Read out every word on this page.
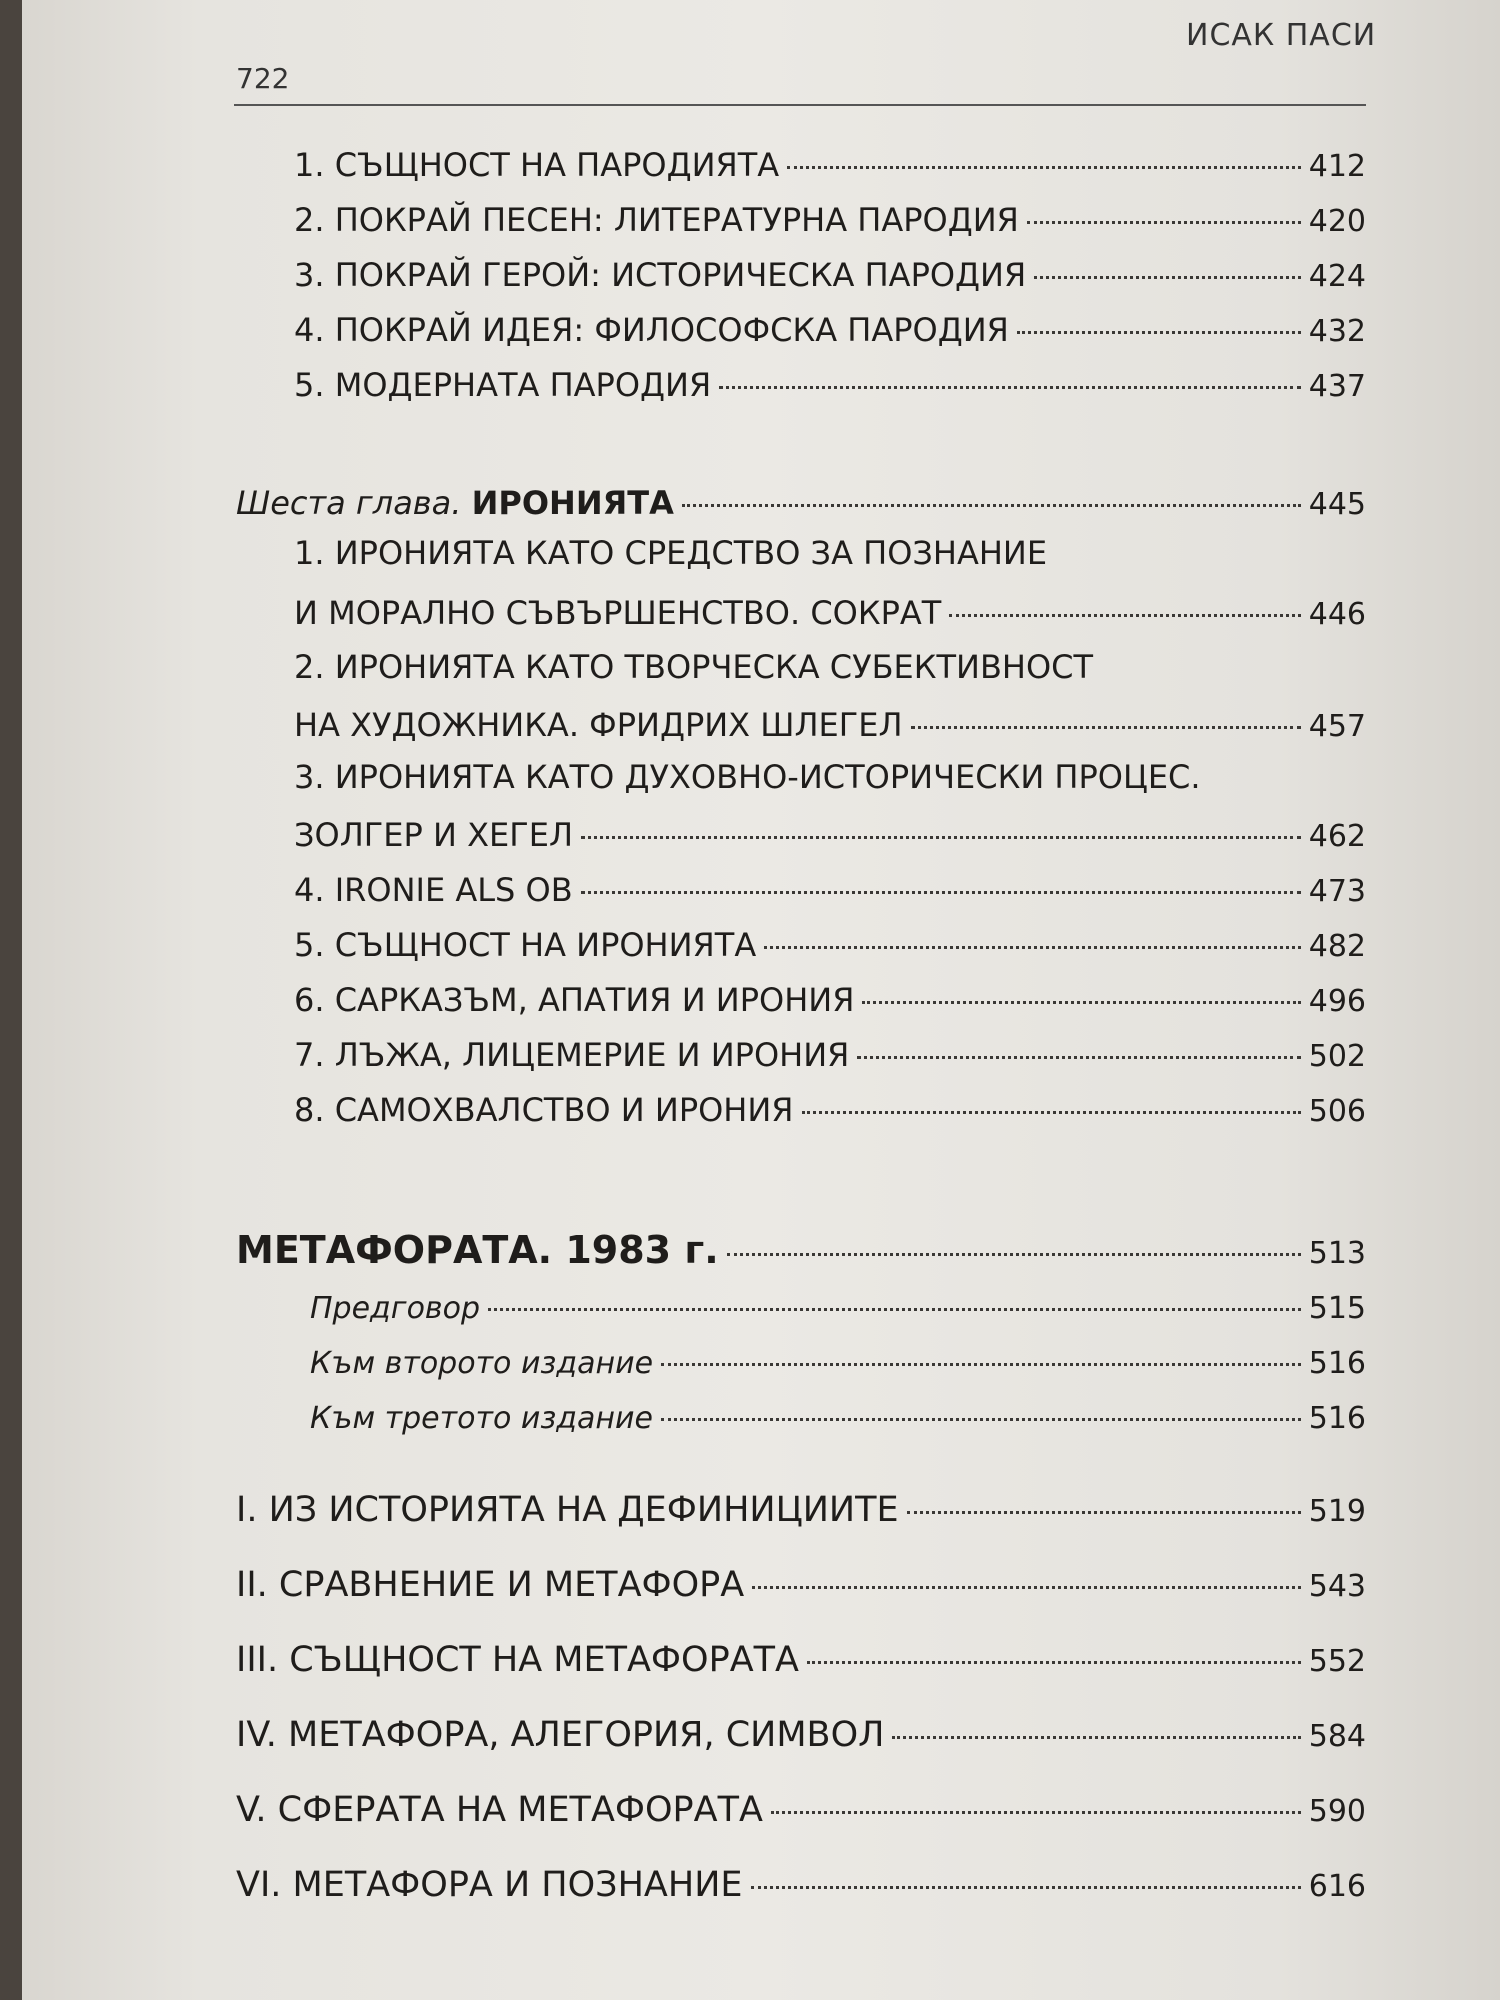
ИСАК ПАСИ
722
1. СЪЩНОСТ НА ПАРОДИЯТА	412
2. ПОКРАЙ ПЕСЕН: ЛИТЕРАТУРНА ПАРОДИЯ	420
3. ПОКРАЙ ГЕРОЙ: ИСТОРИЧЕСКА ПАРОДИЯ	424
4. ПОКРАЙ ИДЕЯ: ФИЛОСОФСКА ПАРОДИЯ	432
5. МОДЕРНАТА ПАРОДИЯ	437
Шеста глава. ИРОНИЯТА	445
1. ИРОНИЯТА КАТО СРЕДСТВО ЗА ПОЗНАНИЕ
И МОРАЛНО СЪВЪРШЕНСТВО. СОКРАТ	446
2. ИРОНИЯТА КАТО ТВОРЧЕСКА СУБЕКТИВНОСТ
НА ХУДОЖНИКА. ФРИДРИХ ШЛЕГЕЛ	457
3. ИРОНИЯТА КАТО ДУХОВНО-ИСТОРИЧЕСКИ ПРОЦЕС.
ЗОЛГЕР И ХЕГЕЛ	462
4. IRONIE ALS OB	473
5. СЪЩНОСТ НА ИРОНИЯТА	482
6. САРКАЗЪМ, АПАТИЯ И ИРОНИЯ	496
7. ЛЪЖА, ЛИЦЕМЕРИЕ И ИРОНИЯ	502
8. САМОХВАЛСТВО И ИРОНИЯ	506
МЕТАФОРАТА. 1983 г.	513
Предговор	515
Към второто издание	516
Към третото издание	516
I. ИЗ ИСТОРИЯТА НА ДЕФИНИЦИИТЕ	519
II. СРАВНЕНИЕ И МЕТАФОРА	543
III. СЪЩНОСТ НА МЕТАФОРАТА	552
IV. МЕТАФОРА, АЛЕГОРИЯ, СИМВОЛ	584
V. СФЕРАТА НА МЕТАФОРАТА	590
VI. МЕТАФОРА И ПОЗНАНИЕ	616
